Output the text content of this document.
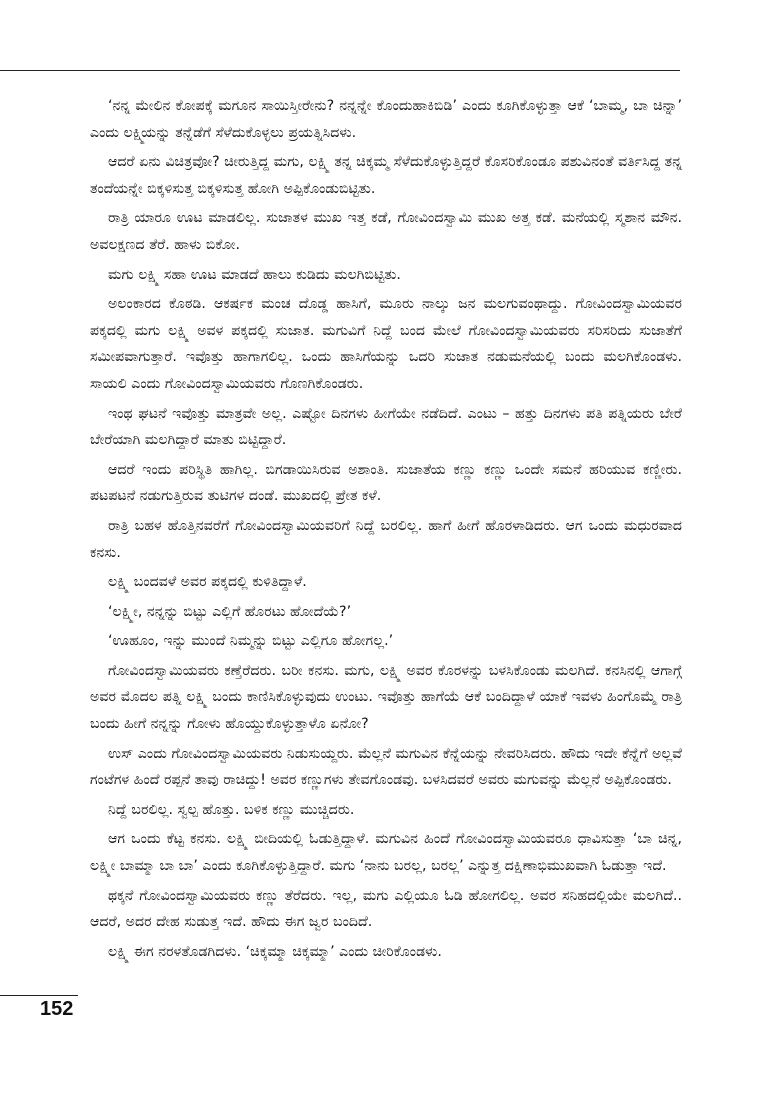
‘ನನ್ನ ಮೇಲಿನ ಕೋಪಕ್ಕೆ ಮಗೂನ ಸಾಯಿಸ್ತೀರೇನು? ನನ್ನನ್ನೇ ಕೊಂದುಹಾಕಿಬಿಡಿ’ ಎಂದು ಕೂಗಿಕೊಳ್ಳುತ್ತಾ ಆಕೆ ‘ಬಾಮ್ಮ, ಬಾ ಚಿನ್ನಾ’ ಎಂದು ಲಕ್ಷ್ಮಿಯನ್ನು ತನ್ನೆಡೆಗೆ ಸೆಳೆದುಕೊಳ್ಳಲು ಪ್ರಯತ್ನಿಸಿದಳು.

ಆದರೆ ಏನು ವಿಚಿತ್ರವೋ? ಚೀರುತ್ತಿದ್ದ ಮಗು, ಲಕ್ಷ್ಮಿ ತನ್ನ ಚಿಕ್ಕಮ್ಮ ಸೆಳೆದುಕೊಳ್ಳುತ್ತಿದ್ದರೆ ಕೊಸರಿಕೊಂಡೂ ಪಶುವಿನಂತೆ ವರ್ತಿಸಿದ್ದ ತನ್ನ ತಂದೆಯನ್ನೇ ಬಿಕ್ಕಳಿಸುತ್ತ ಬಿಕ್ಕಳಿಸುತ್ತ ಹೋಗಿ ಅಪ್ಪಿಕೊಂಡುಬಿಟ್ಟಿತು.

ರಾತ್ರಿ ಯಾರೂ ಊಟ ಮಾಡಲಿಲ್ಲ. ಸುಜಾತಳ ಮುಖ ಇತ್ತ ಕಡೆ, ಗೋವಿಂದಸ್ವಾಮಿ ಮುಖ ಅತ್ತ ಕಡೆ. ಮನೆಯಲ್ಲಿ ಸ್ಮಶಾನ ಮೌನ. ಅವಲಕ್ಷಣದ ತೆರೆ. ಹಾಳು ಬಿಕೋ.

ಮಗು ಲಕ್ಷ್ಮಿ ಸಹಾ ಊಟ ಮಾಡದೆ ಹಾಲು ಕುಡಿದು ಮಲಗಿಬಿಟ್ಟಿತು.

ಅಲಂಕಾರದ ಕೊಠಡಿ. ಆಕರ್ಷಕ ಮಂಚ ದೊಡ್ಡ ಹಾಸಿಗೆ, ಮೂರು ನಾಲ್ಕು ಜನ ಮಲಗುವಂಥಾದ್ದು. ಗೋವಿಂದಸ್ವಾಮಿಯವರ ಪಕ್ಕದಲ್ಲಿ ಮಗು ಲಕ್ಷ್ಮಿ ಅವಳ ಪಕ್ಕದಲ್ಲಿ ಸುಜಾತ. ಮಗುವಿಗೆ ನಿದ್ದೆ ಬಂದ ಮೇಲೆ ಗೋವಿಂದಸ್ವಾಮಿಯವರು ಸರಿಸರಿದು ಸುಜಾತೆಗೆ ಸಮೀಪವಾಗುತ್ತಾರೆ. ಇವೊತ್ತು ಹಾಗಾಗಲಿಲ್ಲ. ಒಂದು ಹಾಸಿಗೆಯನ್ನು ಒದರಿ ಸುಜಾತ ನಡುಮನೆಯಲ್ಲಿ ಬಂದು ಮಲಗಿಕೊಂಡಳು. ಸಾಯಲಿ ಎಂದು ಗೋವಿಂದಸ್ವಾಮಿಯವರು ಗೊಣಗಿಕೊಂಡರು.

ಇಂಥ ಘಟನೆ ಇವೊತ್ತು ಮಾತ್ರವೇ ಅಲ್ಲ. ಎಷ್ಟೋ ದಿನಗಳು ಹೀಗೆಯೇ ನಡೆದಿದೆ. ಎಂಟು – ಹತ್ತು ದಿನಗಳು ಪತಿ ಪತ್ನಿಯರು ಬೇರೆ ಬೇರೆಯಾಗಿ ಮಲಗಿದ್ದಾರೆ ಮಾತು ಬಿಟ್ಟಿದ್ದಾರೆ.

ಆದರೆ ಇಂದು ಪರಿಸ್ಥಿತಿ ಹಾಗಿಲ್ಲ. ಬಿಗಡಾಯಿಸಿರುವ ಅಶಾಂತಿ. ಸುಜಾತೆಯ ಕಣ್ಣು ಕಣ್ಣು ಒಂದೇ ಸಮನೆ ಹರಿಯುವ ಕಣ್ಣೀರು. ಪಟಪಟನೆ ನಡುಗುತ್ತಿರುವ ತುಟಿಗಳ ದಂಡೆ. ಮುಖದಲ್ಲಿ ಪ್ರೇತ ಕಳೆ.

ರಾತ್ರಿ ಬಹಳ ಹೊತ್ತಿನವರೆಗೆ ಗೋವಿಂದಸ್ವಾಮಿಯವರಿಗೆ ನಿದ್ದೆ ಬರಲಿಲ್ಲ. ಹಾಗೆ ಹೀಗೆ ಹೊರಳಾಡಿದರು. ಆಗ ಒಂದು ಮಧುರವಾದ ಕನಸು.

ಲಕ್ಷ್ಮಿ ಬಂದವಳೆ ಅವರ ಪಕ್ಕದಲ್ಲಿ ಕುಳಿತಿದ್ದಾಳೆ.

‘ಲಕ್ಷ್ಮೀ, ನನ್ನನ್ನು ಬಿಟ್ಟು ಎಲ್ಲಿಗೆ ಹೊರಟು ಹೋದೆಯೆ?’

‘ಊಹೂಂ, ಇನ್ನು ಮುಂದೆ ನಿಮ್ಮನ್ನು ಬಿಟ್ಟು ಎಲ್ಲಿಗೂ ಹೋಗಲ್ಲ.’

ಗೋವಿಂದಸ್ವಾಮಿಯವರು ಕಣ್ತೆರೆದರು. ಬರೀ ಕನಸು. ಮಗು, ಲಕ್ಷ್ಮಿ ಅವರ ಕೊರಳನ್ನು ಬಳಸಿಕೊಂಡು ಮಲಗಿದೆ. ಕನಸಿನಲ್ಲಿ ಆಗಾಗ್ಗೆ ಅವರ ಮೊದಲ ಪತ್ನಿ ಲಕ್ಷ್ಮಿ ಬಂದು ಕಾಣಿಸಿಕೊಳ್ಳುವುದು ಉಂಟು. ಇವೊತ್ತು ಹಾಗೆಯೆ ಆಕೆ ಬಂದಿದ್ದಾಳೆ ಯಾಕೆ ಇವಳು ಹಿಂಗೊಮ್ಮೆ ರಾತ್ರಿ ಬಂದು ಹೀಗೆ ನನ್ನನ್ನು ಗೋಳು ಹೊಯ್ದುಕೊಳ್ಳುತ್ತಾಳೊ ಏನೋ?

ಉಸ್ ಎಂದು ಗೋವಿಂದಸ್ವಾಮಿಯವರು ನಿಡುಸುಯ್ದರು. ಮೆಲ್ಲನೆ ಮಗುವಿನ ಕೆನ್ನೆಯನ್ನು ನೇವರಿಸಿದರು. ಹೌದು ಇದೇ ಕೆನ್ನೆಗೆ ಅಲ್ಲವೆ ಗಂಟೆಗಳ ಹಿಂದೆ ರಪ್ಪನೆ ತಾವು ರಾಚಿದ್ದು! ಅವರ ಕಣ್ಣುಗಳು ತೇವಗೊಂಡವು. ಬಳಸಿದವರೆ ಅವರು ಮಗುವನ್ನು ಮೆಲ್ಲನೆ ಅಪ್ಪಿಕೊಂಡರು.

ನಿದ್ದೆ ಬರಲಿಲ್ಲ. ಸ್ವಲ್ಪ ಹೊತ್ತು. ಬಳಿಕ ಕಣ್ಣು ಮುಚ್ಚಿದರು.

ಆಗ ಒಂದು ಕೆಟ್ಟ ಕನಸು. ಲಕ್ಷ್ಮಿ ಬೀದಿಯಲ್ಲಿ ಓಡುತ್ತಿದ್ದಾಳೆ. ಮಗುವಿನ ಹಿಂದೆ ಗೋವಿಂದಸ್ವಾಮಿಯವರೂ ಧಾವಿಸುತ್ತಾ ‘ಬಾ ಚಿನ್ನ, ಲಕ್ಷ್ಮೀ ಬಾಮ್ಮಾ ಬಾ ಬಾ’ ಎಂದು ಕೂಗಿಕೊಳ್ಳುತ್ತಿದ್ದಾರೆ. ಮಗು ‘ನಾನು ಬರಲ್ಲ, ಬರಲ್ಲ’ ಎನ್ನುತ್ತ ದಕ್ಷಿಣಾಭಿಮುಖವಾಗಿ ಓಡುತ್ತಾ ಇದೆ.

ಥಕ್ಕನೆ ಗೋವಿಂದಸ್ವಾಮಿಯವರು ಕಣ್ಣು ತೆರೆದರು. ಇಲ್ಲ, ಮಗು ಎಲ್ಲಿಯೂ ಓಡಿ ಹೋಗಲಿಲ್ಲ. ಅವರ ಸನಿಹದಲ್ಲಿಯೇ ಮಲಗಿದೆ.. ಆದರೆ, ಅದರ ದೇಹ ಸುಡುತ್ತ ಇದೆ. ಹೌದು ಈಗ ಜ್ವರ ಬಂದಿದೆ.

ಲಕ್ಷ್ಮಿ ಈಗ ನರಳತೊಡಗಿದಳು. ‘ಚಿಕ್ಕಮ್ಮಾ ಚಿಕ್ಕಮ್ಮಾ’ ಎಂದು ಚೀರಿಕೊಂಡಳು.

152
